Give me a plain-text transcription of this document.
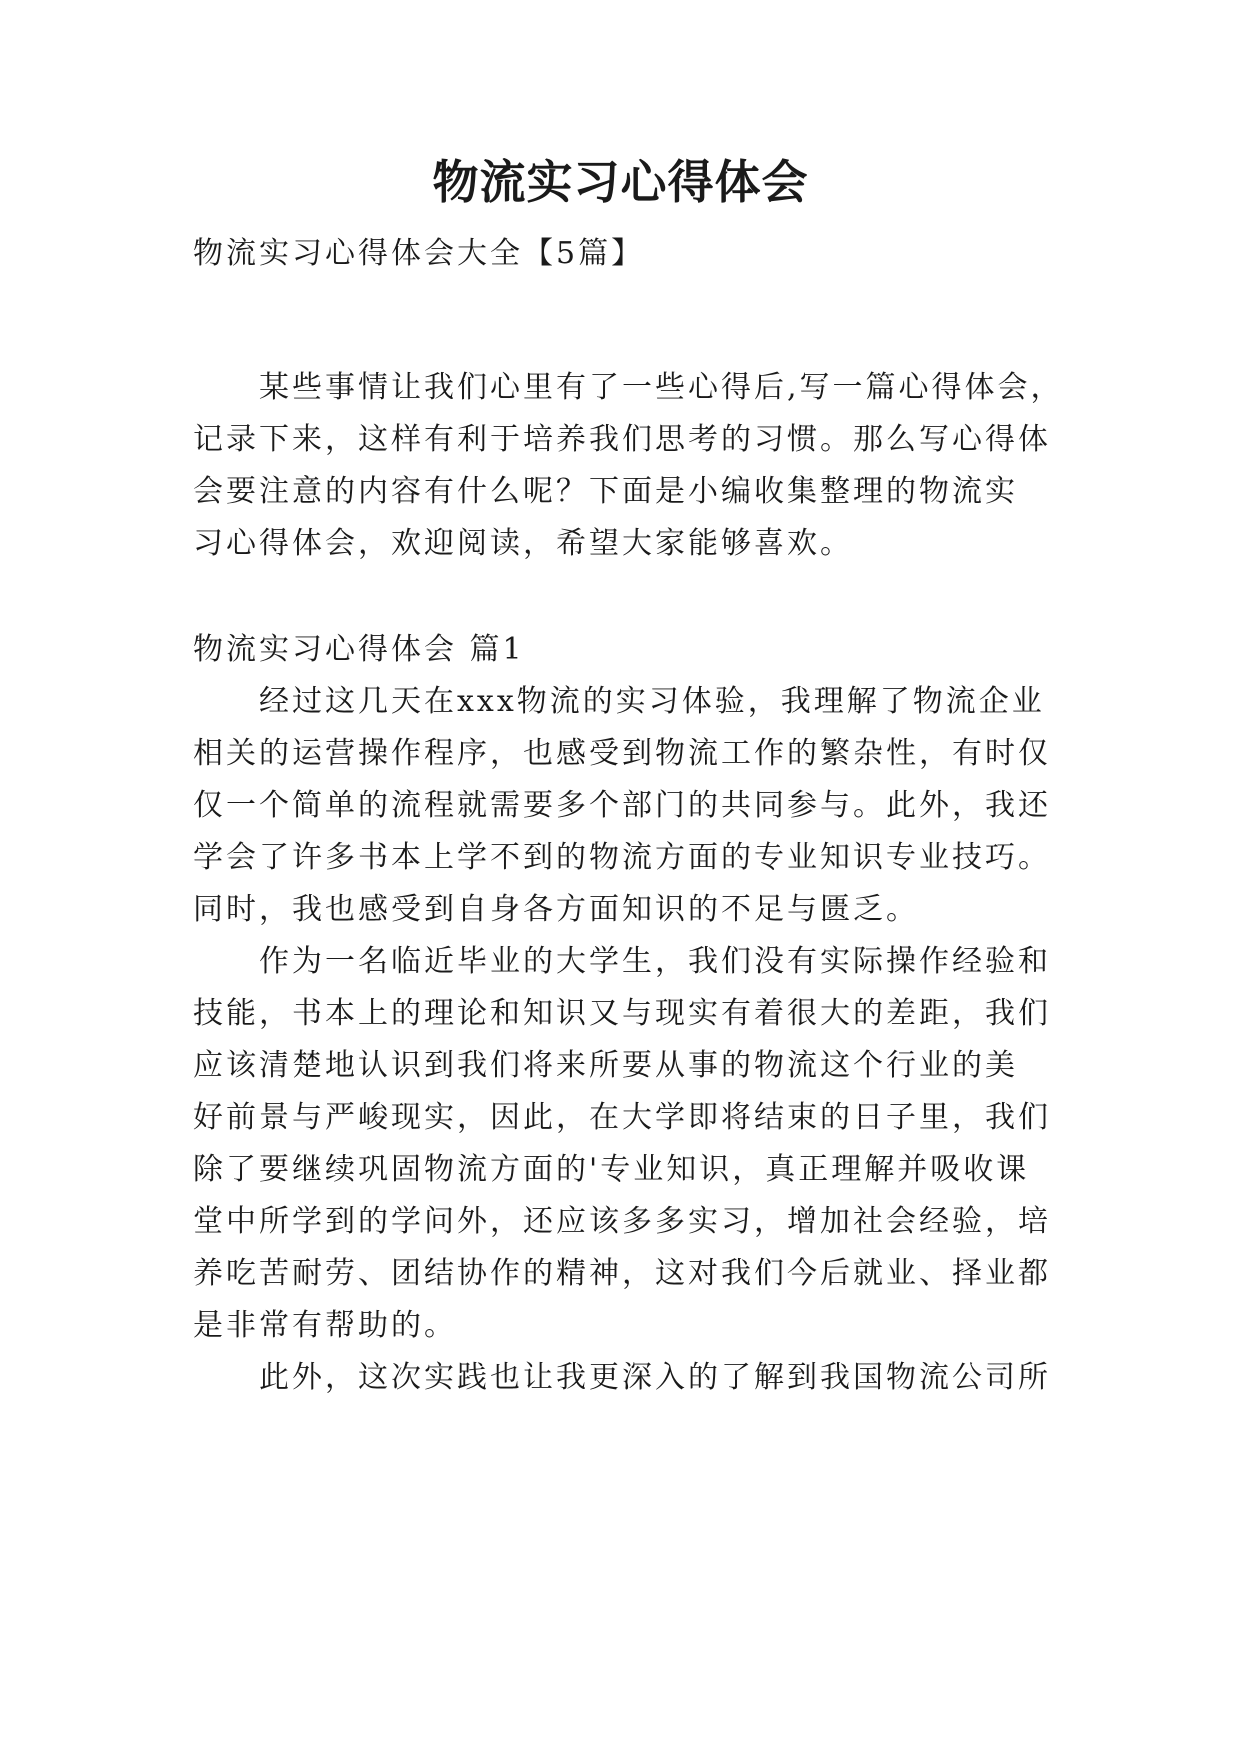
物流实习心得体会
物流实习心得体会大全【5篇】
　　某些事情让我们心里有了一些心得后,写一篇心得体会，
记录下来，这样有利于培养我们思考的习惯。那么写心得体
会要注意的内容有什么呢？下面是小编收集整理的物流实
习心得体会，欢迎阅读，希望大家能够喜欢。
物流实习心得体会 篇1
　　经过这几天在xxx物流的实习体验，我理解了物流企业
相关的运营操作程序，也感受到物流工作的繁杂性，有时仅
仅一个简单的流程就需要多个部门的共同参与。此外，我还
学会了许多书本上学不到的物流方面的专业知识专业技巧。
同时，我也感受到自身各方面知识的不足与匮乏。
　　作为一名临近毕业的大学生，我们没有实际操作经验和
技能，书本上的理论和知识又与现实有着很大的差距，我们
应该清楚地认识到我们将来所要从事的物流这个行业的美
好前景与严峻现实，因此，在大学即将结束的日子里，我们
除了要继续巩固物流方面的'专业知识，真正理解并吸收课
堂中所学到的学问外，还应该多多实习，增加社会经验，培
养吃苦耐劳、团结协作的精神，这对我们今后就业、择业都
是非常有帮助的。
　　此外，这次实践也让我更深入的了解到我国物流公司所
